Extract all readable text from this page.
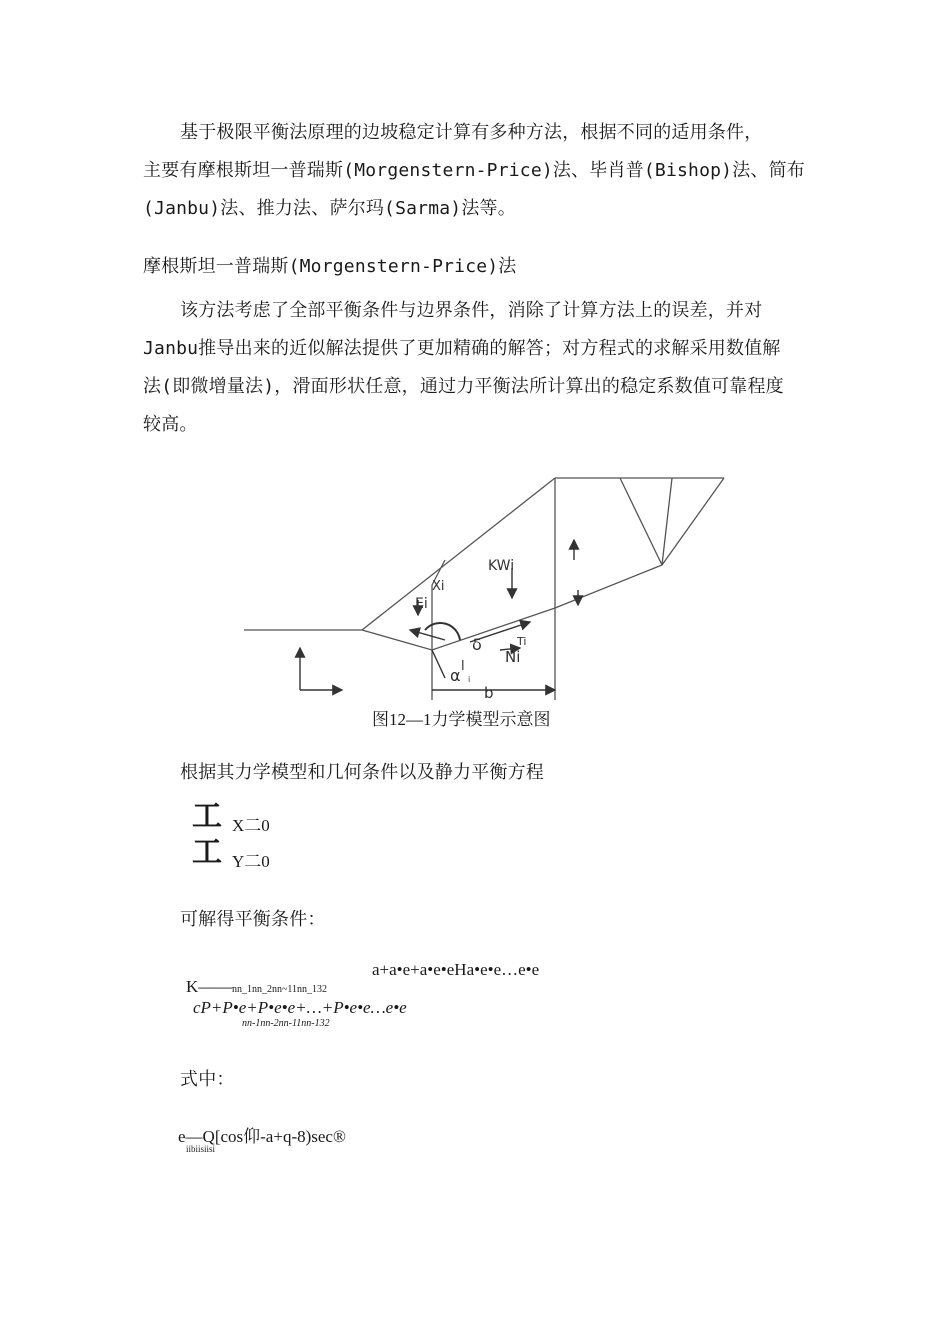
基于极限平衡法原理的边坡稳定计算有多种方法，根据不同的适用条件，
主要有摩根斯坦一普瑞斯(Morgenstern-Price)法、毕肖普(Bishop)法、简布
(Janbu)法、推力法、萨尔玛(Sarma)法等。
摩根斯坦一普瑞斯(Morgenstern-Price)法
该方法考虑了全部平衡条件与边界条件，消除了计算方法上的误差，并对
Janbu推导出来的近似解法提供了更加精确的解答；对方程式的求解采用数值解
法(即微增量法)，滑面形状任意，通过力平衡法所计算出的稳定系数值可靠程度
较高。
KWi
Xi
Ei
δ	Ti
Ni
α l
i
b
图12—1力学模型示意图
根据其力学模型和几何条件以及静力平衡方程
工 X二0
工 Y二0
可解得平衡条件：
a+a•e+a•e•eHa•e•e…e•e
K—— nn_1nn_2nn~11nn_132
cP+P•e+P•e•e+…+P•e•e…e•e
nn-1nn-2nn-11nn-132
式中：
e—Q[cos仰-a+q-8)sec®
iibiisiisi
